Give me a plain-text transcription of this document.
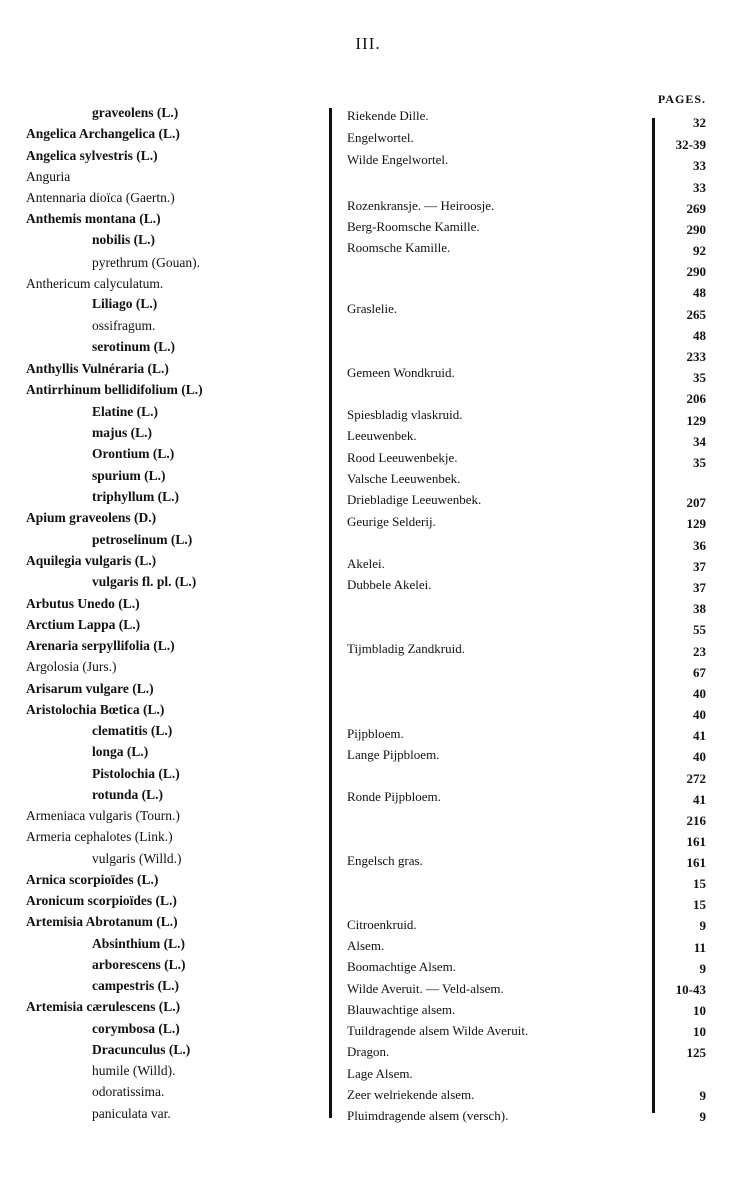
III.
PAGES.
graveolens (L.)
Angelica Archangelica (L.)
Angelica sylvestris (L.)
Anguria
Antennaria dioïca (Gaertn.)
Anthemis montana (L.)
nobilis (L.)
pyrethrum (Gouan).
Anthericum calyculatum.
Liliago (L.)
ossifragum.
serotinum (L.)
Anthyllis Vulnéraria (L.)
Antirrhinum bellidifolium (L.)
Elatine (L.)
majus (L.)
Orontium (L.)
spurium (L.)
triphyllum (L.)
Apium graveolens (D.)
petroselinum (L.)
Aquilegia vulgaris (L.)
vulgaris fl. pl. (L.)
Arbutus Unedo (L.)
Arctium Lappa (L.)
Arenaria serpyllifolia (L.)
Argolosia (Jurs.)
Arisarum vulgare (L.)
Aristolochia Bœtica (L.)
clematitis (L.)
longa (L.)
Pistolochia (L.)
rotunda (L.)
Armeniaca vulgaris (Tourn.)
Armeria cephalotes (Link.)
vulgaris (Willd.)
Arnica scorpioïdes (L.)
Aronicum scorpioïdes (L.)
Artemisia Abrotanum (L.)
Absinthium (L.)
arborescens (L.)
campestris (L.)
Artemisia cærulescens (L.)
corymbosa (L.)
Dracunculus (L.)
humile (Willd).
odoratissima.
paniculata var.
Riekende Dille.
Engelwortel.
Wilde Engelwortel.
Rozenkransje. — Heiroosje.
Berg-Roomsche Kamille.
Roomsche Kamille.
Graslelie.
Gemeen Wondkruid.
Spiesbladig vlaskruid.
Leeuwenbek.
Rood Leeuwenbekje.
Valsche Leeuwenbek.
Driebladige Leeuwenbek.
Geurige Selderij.
Akelei.
Dubbele Akelei.
Tijmbladig Zandkruid.
Pijpbloem.
Lange Pijpbloem.
Ronde Pijpbloem.
Engelsch gras.
Citroenkruid.
Alsem.
Boomachtige Alsem.
Wilde Averuit. — Veld-alsem.
Blauwachtige alsem.
Tuildragende alsem Wilde Averuit.
Dragon.
Lage Alsem.
Zeer welriekende alsem.
Pluimdragende alsem (versch).
32
32-39
33
33
269
290
92
290
48
265
48
233
35
206
129
34
35
207
129
36
37
37
38
55
23
67
40
40
41
40
272
41
216
161
161
15
15
9
11
9
10-43
10
10
125
9
9
